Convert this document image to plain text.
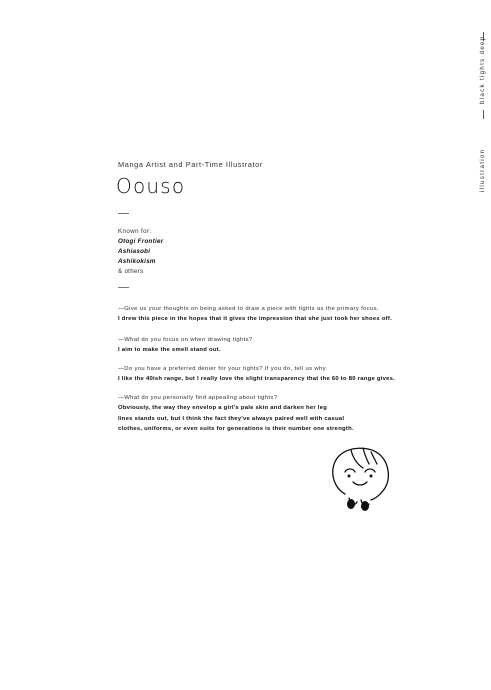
Manga Artist and Part-Time Illustrator
Oouso
Known for:
Otogi Frontier
Ashiasobi
Ashikokism
& others
—Give us your thoughts on being asked to draw a piece with tights as the primary focus.
I drew this piece in the hopes that it gives the impression that she just took her shoes off.
—What do you focus on when drawing tights?
I aim to make the smell stand out.
—Do you have a preferred denier for your tights? If you do, tell us why.
I like the 40ish range, but I really love the slight transparency that the 60 to 80 range gives.
—What do you personally find appealing about tights?
Obviously, the way they envelop a girl's pale skin and darken her leg
lines stands out, but I think the fact they've always paired well with casual
clothes, uniforms, or even suits for generations is their number one strength.
black tights deep
illustration
